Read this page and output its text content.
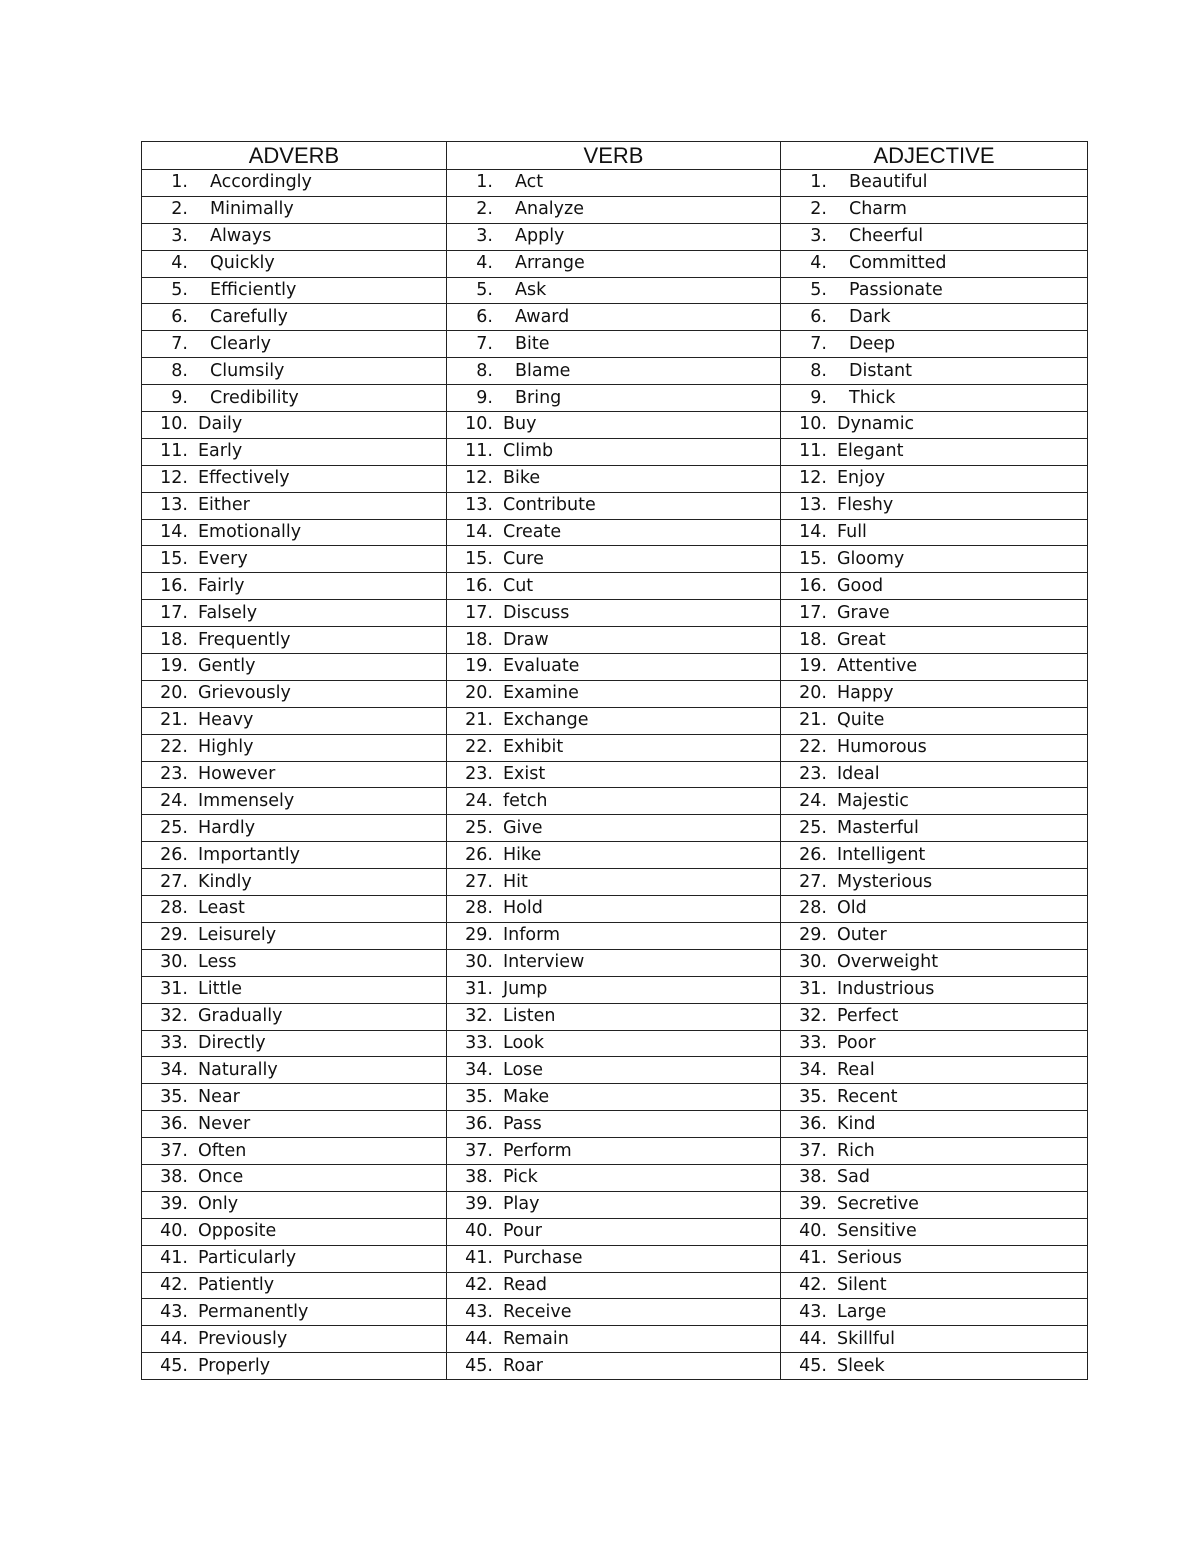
ADVERB	VERB	ADJECTIVE

1. Accordingly	1. Act	1. Beautiful

2. Minimally	2. Analyze	2. Charm

3. Always	3. Apply	3. Cheerful

4. Quickly	4. Arrange	4. Committed

5. Efficiently	5. Ask	5. Passionate

6. Carefully	6. Award	6. Dark

7. Clearly	7. Bite	7. Deep

8. Clumsily	8. Blame	8. Distant

9. Credibility	9. Bring	9. Thick

10. Daily	10. Buy	10. Dynamic

11. Early	11. Climb	11. Elegant

12. Effectively	12. Bike	12. Enjoy

13. Either	13. Contribute	13. Fleshy

14. Emotionally	14. Create	14. Full

15. Every	15. Cure	15. Gloomy

16. Fairly	16. Cut	16. Good

17. Falsely	17. Discuss	17. Grave

18. Frequently	18. Draw	18. Great

19. Gently	19. Evaluate	19. Attentive

20. Grievously	20. Examine	20. Happy

21. Heavy	21. Exchange	21. Quite

22. Highly	22. Exhibit	22. Humorous

23. However	23. Exist	23. Ideal

24. Immensely	24. fetch	24. Majestic

25. Hardly	25. Give	25. Masterful

26. Importantly	26. Hike	26. Intelligent

27. Kindly	27. Hit	27. Mysterious

28. Least	28. Hold	28. Old

29. Leisurely	29. Inform	29. Outer

30. Less	30. Interview	30. Overweight

31. Little	31. Jump	31. Industrious

32. Gradually	32. Listen	32. Perfect

33. Directly	33. Look	33. Poor

34. Naturally	34. Lose	34. Real

35. Near	35. Make	35. Recent

36. Never	36. Pass	36. Kind

37. Often	37. Perform	37. Rich

38. Once	38. Pick	38. Sad

39. Only	39. Play	39. Secretive

40. Opposite	40. Pour	40. Sensitive

41. Particularly	41. Purchase	41. Serious

42. Patiently	42. Read	42. Silent

43. Permanently	43. Receive	43. Large

44. Previously	44. Remain	44. Skillful

45. Properly	45. Roar	45. Sleek
